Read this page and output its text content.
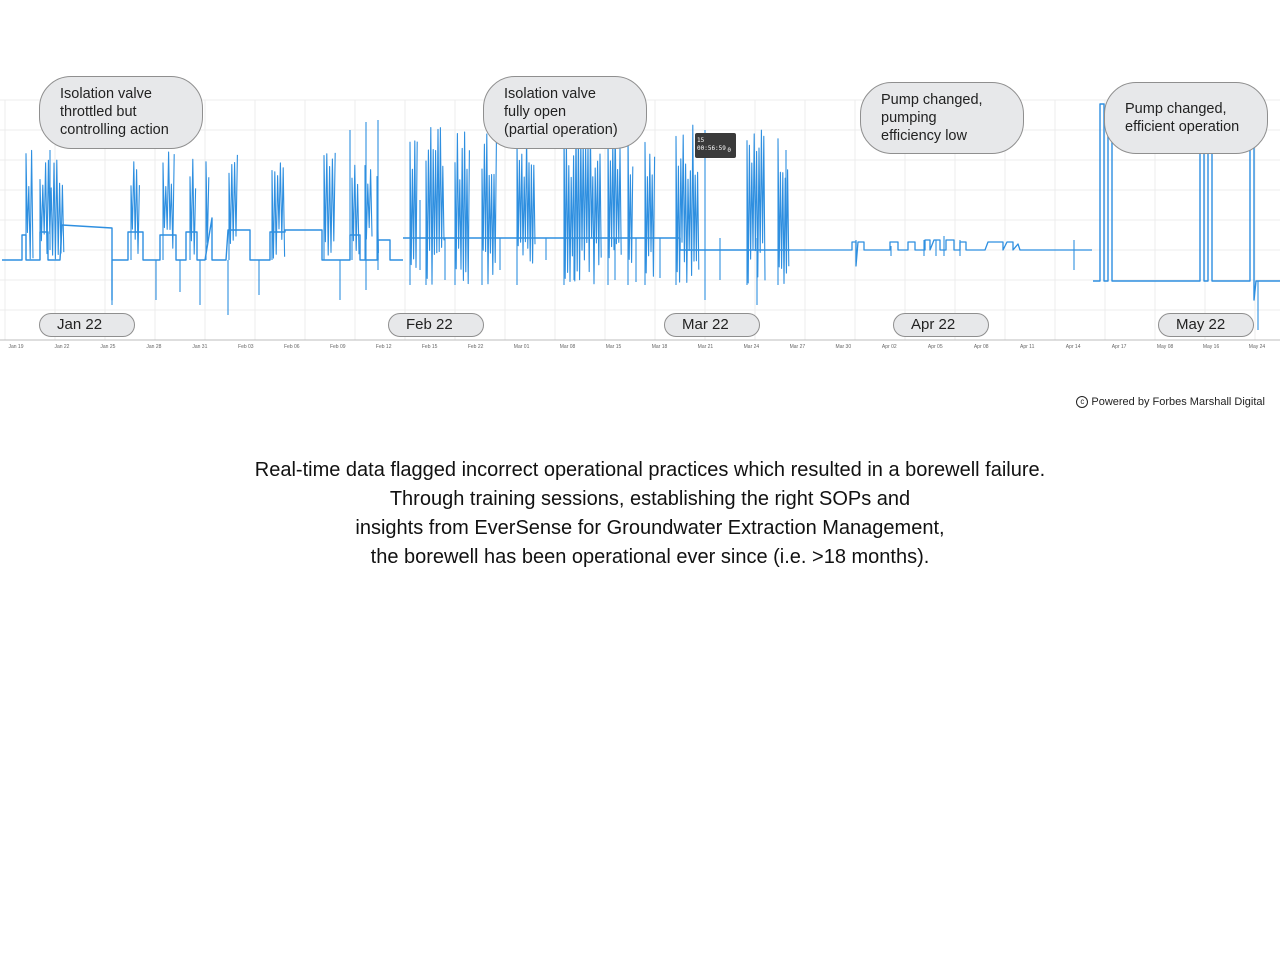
Jan 19	Jan 22	Jan 25	Jan 28	Jan 31	Feb 03	Feb 06	Feb 09	Feb 12	Feb 15	Feb 22	Mar 01	Mar 08	Mar 15	Mar 18	Mar 21	Mar 24	Mar 27	Mar 30	Apr 02	Apr 05	Apr 08	Apr 11	Apr 14	Apr 17	May 08	May 16	May 24
Isolation valve
throttled but
controlling action
Isolation valve
fully open
(partial operation)
Pump changed,
pumping
efficiency low
Pump changed,
efficient operation
15 00:56:59 0
Jan 22	Feb 22	Mar 22	Apr 22	May 22
c Powered by Forbes Marshall Digital
Real-time data flagged incorrect operational practices which resulted in a borewell failure.
Through training sessions, establishing the right SOPs and
insights from EverSense for Groundwater Extraction Management,
the borewell has been operational ever since (i.e. >18 months).
